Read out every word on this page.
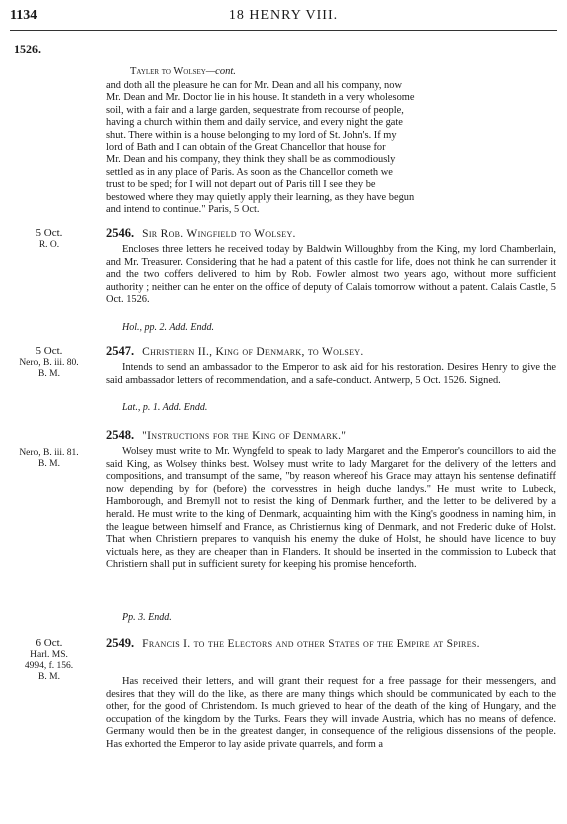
1134	18 HENRY VIII.
1526.
Tayler to Wolsey—cont.
and doth all the pleasure he can for Mr. Dean and all his company, now
Mr. Dean and Mr. Doctor lie in his house. It standeth in a very wholesome
soil, with a fair and a large garden, sequestrate from recourse of people,
having a church within them and daily service, and every night the gate
shut. There within is a house belonging to my lord of St. John's. If my
lord of Bath and I can obtain of the Great Chancellor that house for
Mr. Dean and his company, they think they shall be as commodiously
settled as in any place of Paris. As soon as the Chancellor cometh we
trust to be sped; for I will not depart out of Paris till I see they be
bestowed where they may quietly apply their learning, as they have begun
and intend to continue." Paris, 5 Oct.
5 Oct.
R. O.
2546. Sir Rob. Wingfield to Wolsey.
Encloses three letters he received today by Baldwin Willoughby from the King, my lord Chamberlain, and Mr. Treasurer. Considering that he had a patent of this castle for life, does not think he can surrender it and the two coffers delivered to him by Rob. Fowler almost two years ago, without more sufficient authority ; neither can he enter on the office of deputy of Calais tomorrow without a patent. Calais Castle, 5 Oct. 1526.
Hol., pp. 2. Add. Endd.
5 Oct.
Nero, B. iii. 80.
B. M.
2547. Christiern II., King of Denmark, to Wolsey.
Intends to send an ambassador to the Emperor to ask aid for his restoration. Desires Henry to give the said ambassador letters of recommendation, and a safe-conduct. Antwerp, 5 Oct. 1526. Signed.
Lat., p. 1. Add. Endd.
Nero, B. iii. 81.
B. M.
2548. "Instructions for the King of Denmark."
Wolsey must write to Mr. Wyngfeld to speak to lady Margaret and the Emperor's councillors to aid the said King, as Wolsey thinks best. Wolsey must write to lady Margaret for the delivery of the letters and compositions, and transumpt of the same, "by reason whereof his Grace may attayn his sentense definatiff now depending by for (before) the corvesstres in heigh duche landys." He must write to Lubeck, Hamborough, and Bremyll not to resist the king of Denmark further, and the letter to be delivered by a herald. He must write to the king of Denmark, acquainting him with the King's goodness in naming him, in the league between himself and France, as Christiernus king of Denmark, and not Frederic duke of Holst. That when Christiern prepares to vanquish his enemy the duke of Holst, he should have licence to buy victuals here, as they are cheaper than in Flanders. It should be inserted in the commission to Lubeck that Christiern shall put in sufficient surety for keeping his promise henceforth.
Pp. 3. Endd.
6 Oct.
Harl. MS.
4994, f. 156.
B. M.
2549. Francis I. to the Electors and other States of the Empire at Spires.
Has received their letters, and will grant their request for a free passage for their messengers, and desires that they will do the like, as there are many things which should be communicated by each to the other, for the good of Christendom. Is much grieved to hear of the death of the king of Hungary, and the occupation of the kingdom by the Turks. Fears they will invade Austria, which has no means of defence. Germany would then be in the greatest danger, in consequence of the religious dissensions of the people. Has exhorted the Emperor to lay aside private quarrels, and form a
